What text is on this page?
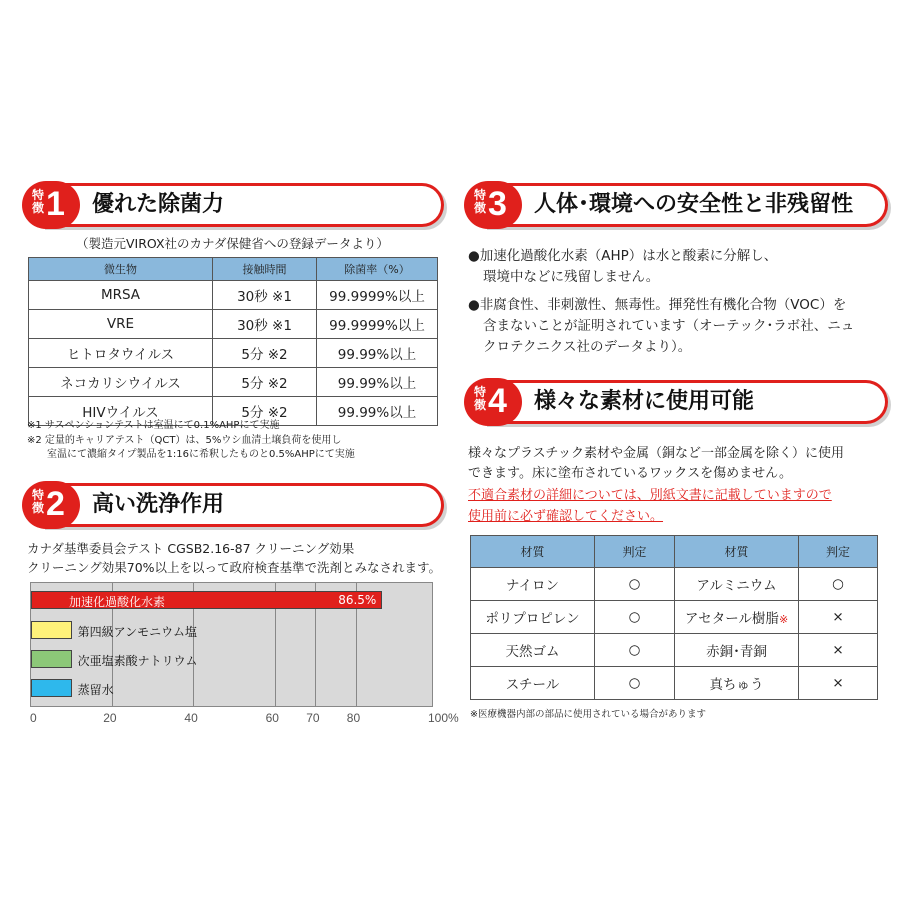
特徴 1 優れた除菌力
（製造元VIROX社のカナダ保健省への登録データより）
微生物	接触時間	除菌率（%）
MRSA	30秒 ※1	99.9999%以上
VRE	30秒 ※1	99.9999%以上
ヒトロタウイルス	5分 ※2	99.99%以上
ネコカリシウイルス	5分 ※2	99.99%以上
HIVウイルス	5分 ※2	99.99%以上
※1 サスペンションテストは室温にて0.1%AHPにて実施
※2 定量的キャリアテスト（QCT）は、5%ウシ血清土壌負荷を使用し
室温にて濃縮タイプ製品を1:16に希釈したものと0.5%AHPにて実施
特徴 2 高い洗浄作用
カナダ基準委員会テスト CGSB2.16-87 クリーニング効果
クリーニング効果70%以上を以って政府検査基準で洗剤とみなされます。
加速化過酸化水素
第四級アンモニウム塩
次亜塩素酸ナトリウム
蒸留水
86.5%
0	20	40	60 70 80	100%
特徴 3 人体･環境への安全性と非残留性
●加速化過酸化水素（AHP）は水と酸素に分解し、
環境中などに残留しません。
●非腐食性、非刺激性、無毒性。揮発性有機化合物（VOC）を
含まないことが証明されています（オーテック･ラボ社、ニュ
クロテクニクス社のデータより）。
特徴 4 様々な素材に使用可能
様々なプラスチック素材や金属（銅など一部金属を除く）に使用
できます。床に塗布されているワックスを傷めません。
不適合素材の詳細については、別紙文書に記載していますので
使用前に必ず確認してください。
材質	判定	材質	判定
ナイロン	○	アルミニウム	○
ポリプロピレン	○	アセタール樹脂※	×
天然ゴム	○	赤銅･青銅	×
スチール	○	真ちゅう	×
※医療機器内部の部品に使用されている場合があります
